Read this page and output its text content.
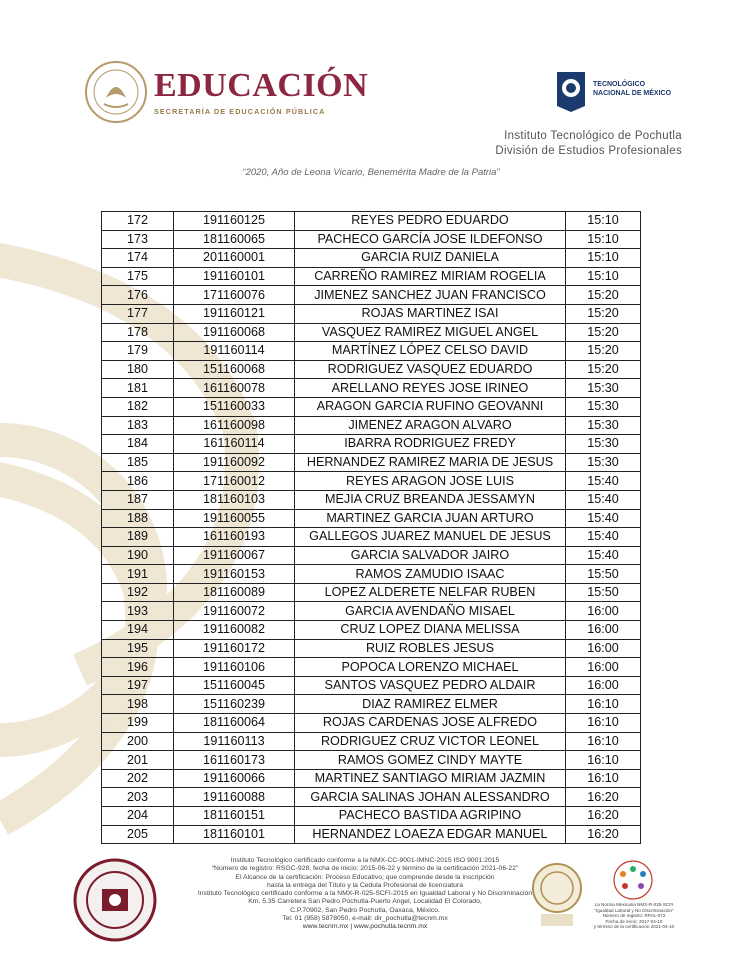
EDUCACIÓN
SECRETARÍA DE EDUCACIÓN PÚBLICA
TECNOLÓGICO
NACIONAL DE MÉXICO
Instituto Tecnológico de Pochutla
División de Estudios Profesionales
“2020, Año de Leona Vicario, Benemérita Madre de la Patria”
172	191160125	REYES PEDRO EDUARDO	15:10
173	181160065	PACHECO GARCÍA JOSE ILDEFONSO	15:10
174	201160001	GARCIA RUIZ DANIELA	15:10
175	191160101	CARREÑO RAMIREZ MIRIAM ROGELIA	15:10
176	171160076	JIMENEZ SANCHEZ JUAN FRANCISCO	15:20
177	191160121	ROJAS MARTINEZ ISAI	15:20
178	191160068	VASQUEZ RAMIREZ MIGUEL ANGEL	15:20
179	191160114	MARTÍNEZ LÓPEZ CELSO DAVID	15:20
180	151160068	RODRIGUEZ VASQUEZ EDUARDO	15:20
181	161160078	ARELLANO REYES JOSE IRINEO	15:30
182	151160033	ARAGON GARCIA RUFINO GEOVANNI	15:30
183	161160098	JIMENEZ ARAGON ALVARO	15:30
184	161160114	IBARRA RODRIGUEZ FREDY	15:30
185	191160092	HERNANDEZ RAMIREZ MARIA DE JESUS	15:30
186	171160012	REYES ARAGON JOSE LUIS	15:40
187	181160103	MEJIA CRUZ BREANDA JESSAMYN	15:40
188	191160055	MARTINEZ GARCIA JUAN ARTURO	15:40
189	161160193	GALLEGOS JUAREZ MANUEL DE JESUS	15:40
190	191160067	GARCIA SALVADOR JAIRO	15:40
191	191160153	RAMOS ZAMUDIO ISAAC	15:50
192	181160089	LOPEZ ALDERETE NELFAR RUBEN	15:50
193	191160072	GARCIA AVENDAÑO MISAEL	16:00
194	191160082	CRUZ LOPEZ DIANA MELISSA	16:00
195	191160172	RUIZ ROBLES JESUS	16:00
196	191160106	POPOCA LORENZO MICHAEL	16:00
197	151160045	SANTOS VASQUEZ PEDRO ALDAIR	16:00
198	151160239	DIAZ RAMIREZ ELMER	16:10
199	181160064	ROJAS CARDENAS JOSE ALFREDO	16:10
200	191160113	RODRIGUEZ CRUZ VICTOR LEONEL	16:10
201	161160173	RAMOS GOMEZ CINDY MAYTE	16:10
202	191160066	MARTINEZ SANTIAGO MIRIAM JAZMIN	16:10
203	191160088	GARCIA SALINAS JOHAN ALESSANDRO	16:20
204	181160151	PACHECO BASTIDA AGRIPINO	16:20
205	181160101	HERNANDEZ LOAEZA EDGAR MANUEL	16:20
Instituto Tecnológico certificado conforme a la NMX-CC-9001-IMNC-2015 ISO 9001:2015
“Número de registro: RSGC-928, fecha de inicio: 2015-06-22 y término de la certificación 2021-06-22”
El Alcance de la certificación: Proceso Educativo; que comprende desde la inscripción
hasta la entrega del Título y la Cedula Profesional de licenciatura
Instituto Tecnológico certificado conforme a la NMX-R-025-SCFI-2015 en Igualdad Laboral y No Discriminación
Km. 5.35 Carretera San Pedro Pochutla-Puerto Angel, Localidad El Colorado,
C.P.70902, San Pedro Pochutla, Oaxaca, México.
Tel. 01 (958) 5878050, e-mail: dir_pochutla@tecnm.mx
www.tecnm.mx | www.pochutla.tecnm.mx
La Norma Mexicana NMX-R-025-SCFI
"Igualdad Laboral y No Discriminación"
Número de registro: RPrIL-072
Fecha de inicio: 2017-04-10
y término de la certificación 2021-04-10
